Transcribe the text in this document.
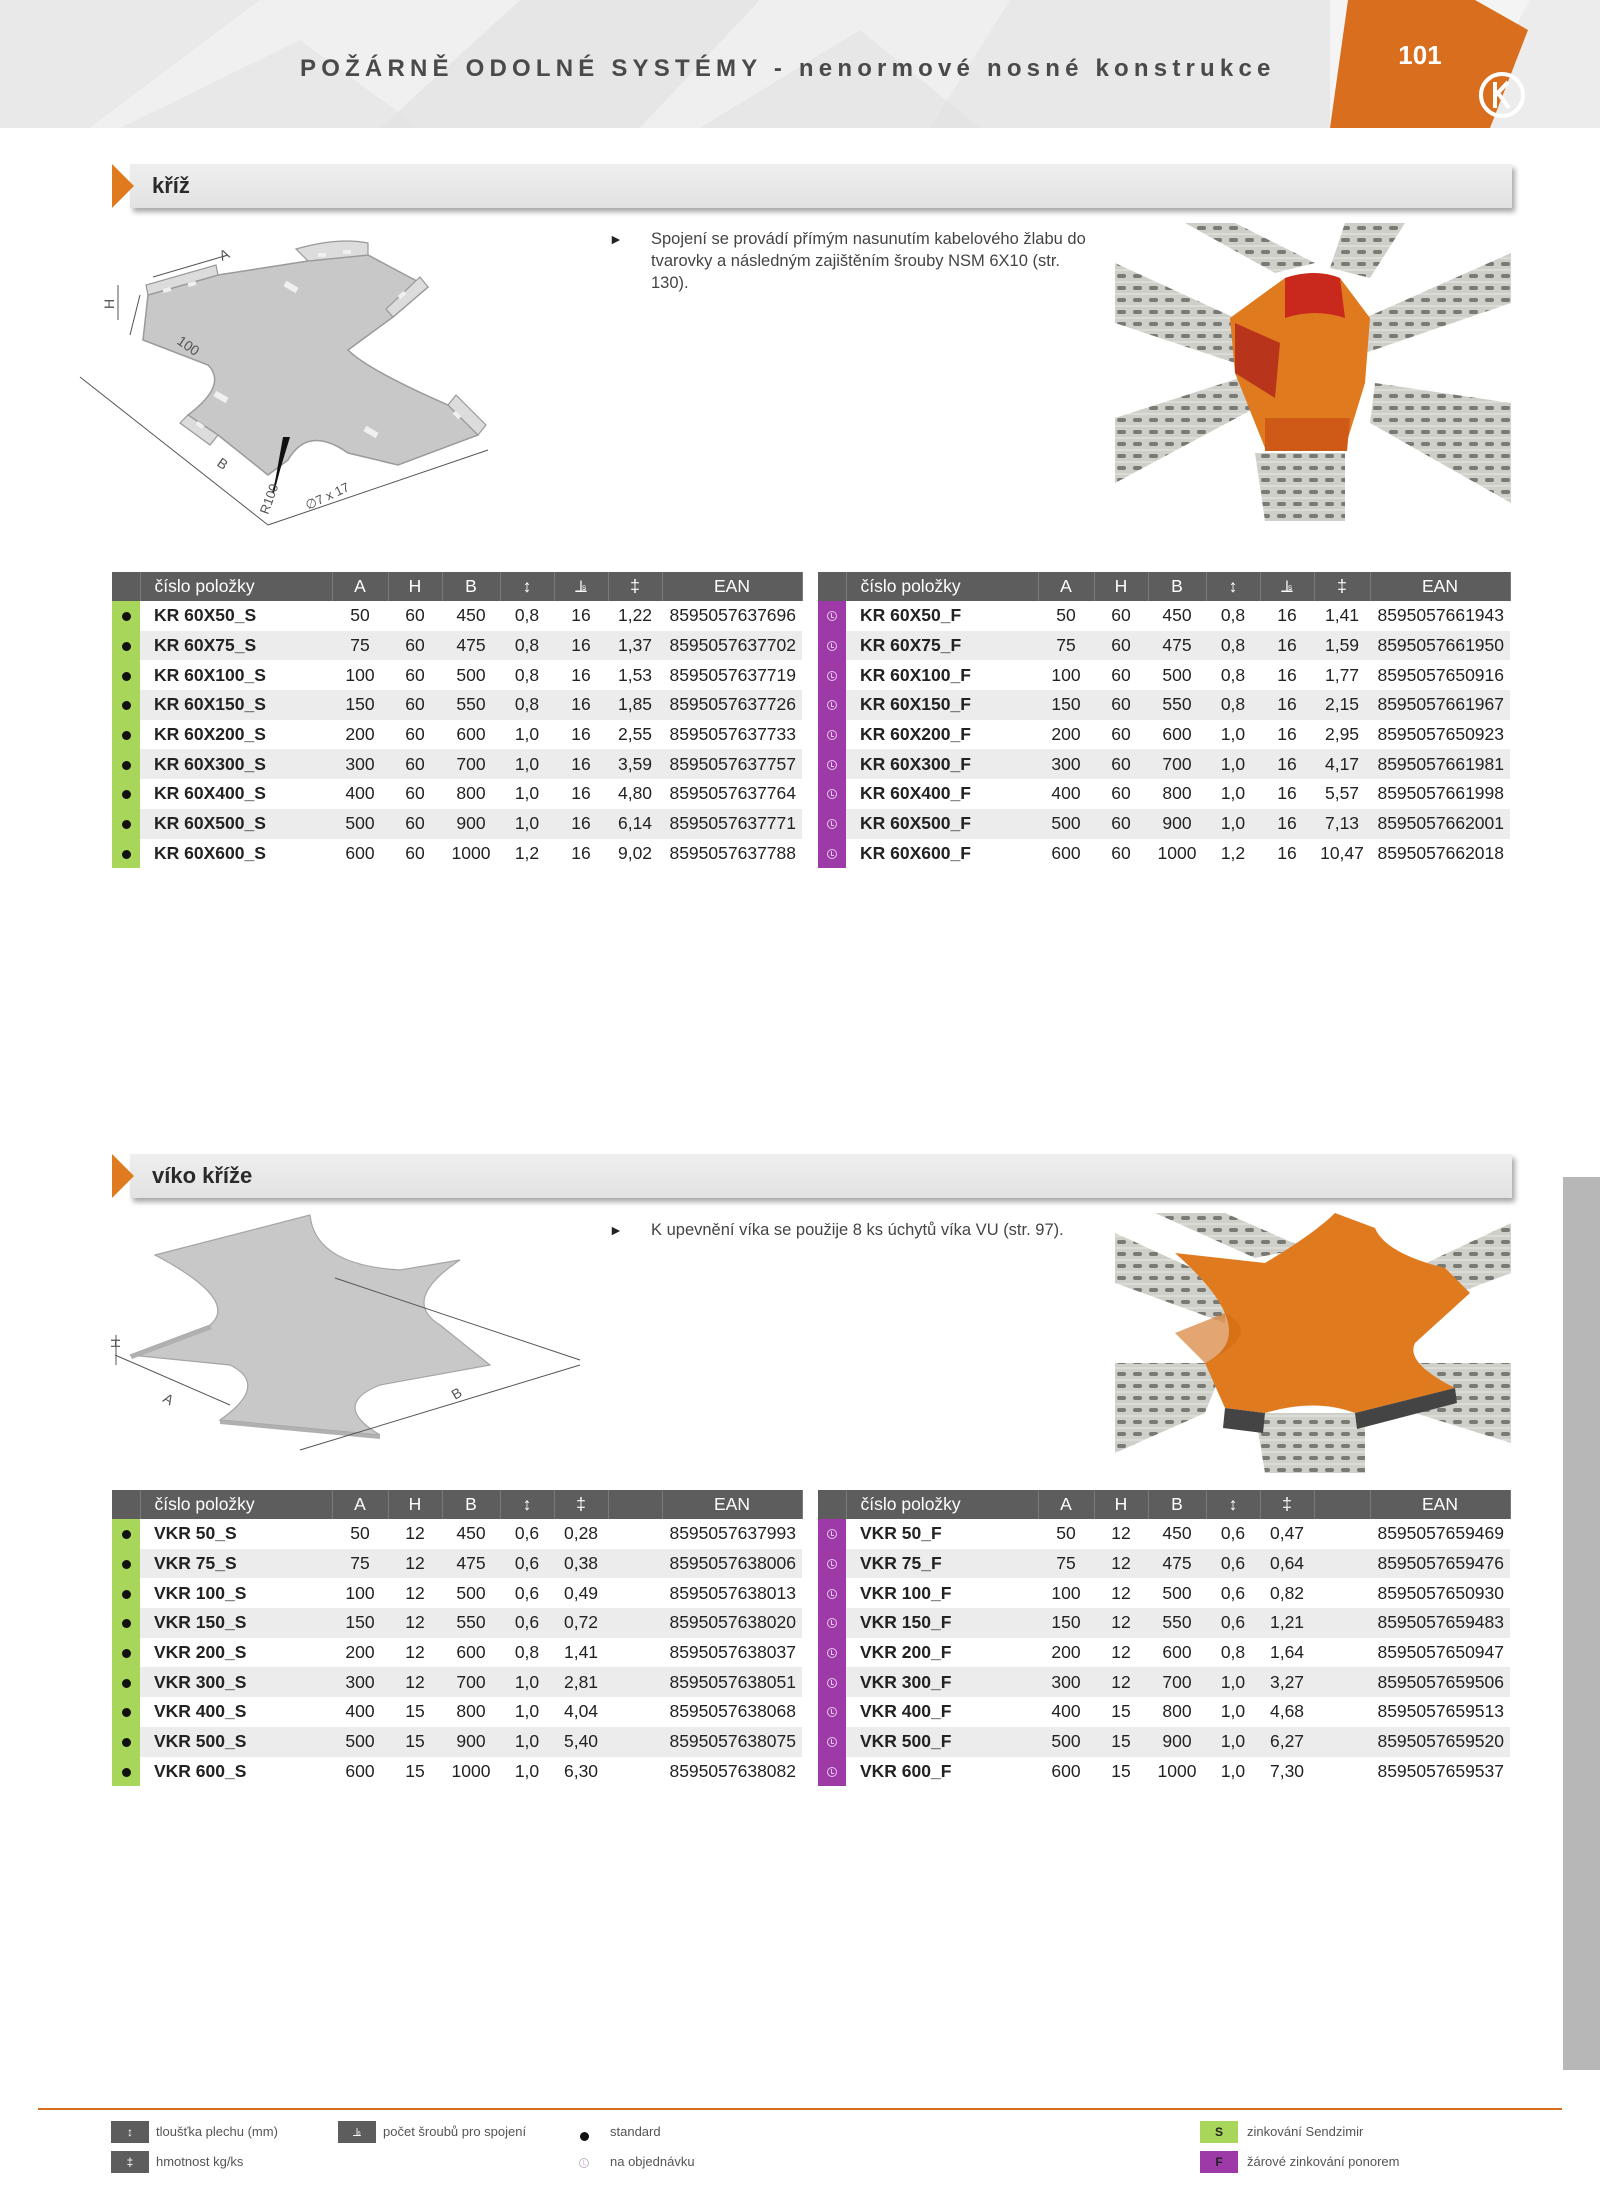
POŽÁRNĚ ODOLNÉ SYSTÉMY - nenormové nosné konstrukce	101
kříž
A
H
100
B
R100 ∅7 x 17
► Spojení se provádí přímým nasunutím kabelového žlabu do tvarovky a následným zajištěním šrouby NSM 6X10 (str. 130).
	číslo položky	A	H	B	↕	⫡	‡	EAN
	KR 60X50_S	50	60	450	0,8	16	1,22	8595057637696
	KR 60X75_S	75	60	475	0,8	16	1,37	8595057637702
	KR 60X100_S	100	60	500	0,8	16	1,53	8595057637719
	KR 60X150_S	150	60	550	0,8	16	1,85	8595057637726
	KR 60X200_S	200	60	600	1,0	16	2,55	8595057637733
	KR 60X300_S	300	60	700	1,0	16	3,59	8595057637757
	KR 60X400_S	400	60	800	1,0	16	4,80	8595057637764
	KR 60X500_S	500	60	900	1,0	16	6,14	8595057637771
	KR 60X600_S	600	60	1000	1,2	16	9,02	8595057637788
	číslo položky	A	H	B	↕	⫡	‡	EAN
	KR 60X50_F	50	60	450	0,8	16	1,41	8595057661943
	KR 60X75_F	75	60	475	0,8	16	1,59	8595057661950
	KR 60X100_F	100	60	500	0,8	16	1,77	8595057650916
	KR 60X150_F	150	60	550	0,8	16	2,15	8595057661967
	KR 60X200_F	200	60	600	1,0	16	2,95	8595057650923
	KR 60X300_F	300	60	700	1,0	16	4,17	8595057661981
	KR 60X400_F	400	60	800	1,0	16	5,57	8595057661998
	KR 60X500_F	500	60	900	1,0	16	7,13	8595057662001
	KR 60X600_F	600	60	1000	1,2	16	10,47	8595057662018
víko kříže
H
A	B
► K upevnění víka se použije 8 ks úchytů víka VU (str. 97).
	číslo položky	A	H	B	↕	‡		EAN
	VKR 50_S	50	12	450	0,6	0,28		8595057637993
	VKR 75_S	75	12	475	0,6	0,38		8595057638006
	VKR 100_S	100	12	500	0,6	0,49		8595057638013
	VKR 150_S	150	12	550	0,6	0,72		8595057638020
	VKR 200_S	200	12	600	0,8	1,41		8595057638037
	VKR 300_S	300	12	700	1,0	2,81		8595057638051
	VKR 400_S	400	15	800	1,0	4,04		8595057638068
	VKR 500_S	500	15	900	1,0	5,40		8595057638075
	VKR 600_S	600	15	1000	1,0	6,30		8595057638082
	číslo položky	A	H	B	↕	‡		EAN
	VKR 50_F	50	12	450	0,6	0,47		8595057659469
	VKR 75_F	75	12	475	0,6	0,64		8595057659476
	VKR 100_F	100	12	500	0,6	0,82		8595057650930
	VKR 150_F	150	12	550	0,6	1,21		8595057659483
	VKR 200_F	200	12	600	0,8	1,64		8595057650947
	VKR 300_F	300	12	700	1,0	3,27		8595057659506
	VKR 400_F	400	15	800	1,0	4,68		8595057659513
	VKR 500_F	500	15	900	1,0	6,27		8595057659520
	VKR 600_F	600	15	1000	1,0	7,30		8595057659537
↕	tloušťka plechu (mm)
‡	hmotnost kg/ks
⫡	počet šroubů pro spojení	standard
na objednávku
S	zinkování Sendzimir
F	žárové zinkování ponorem
